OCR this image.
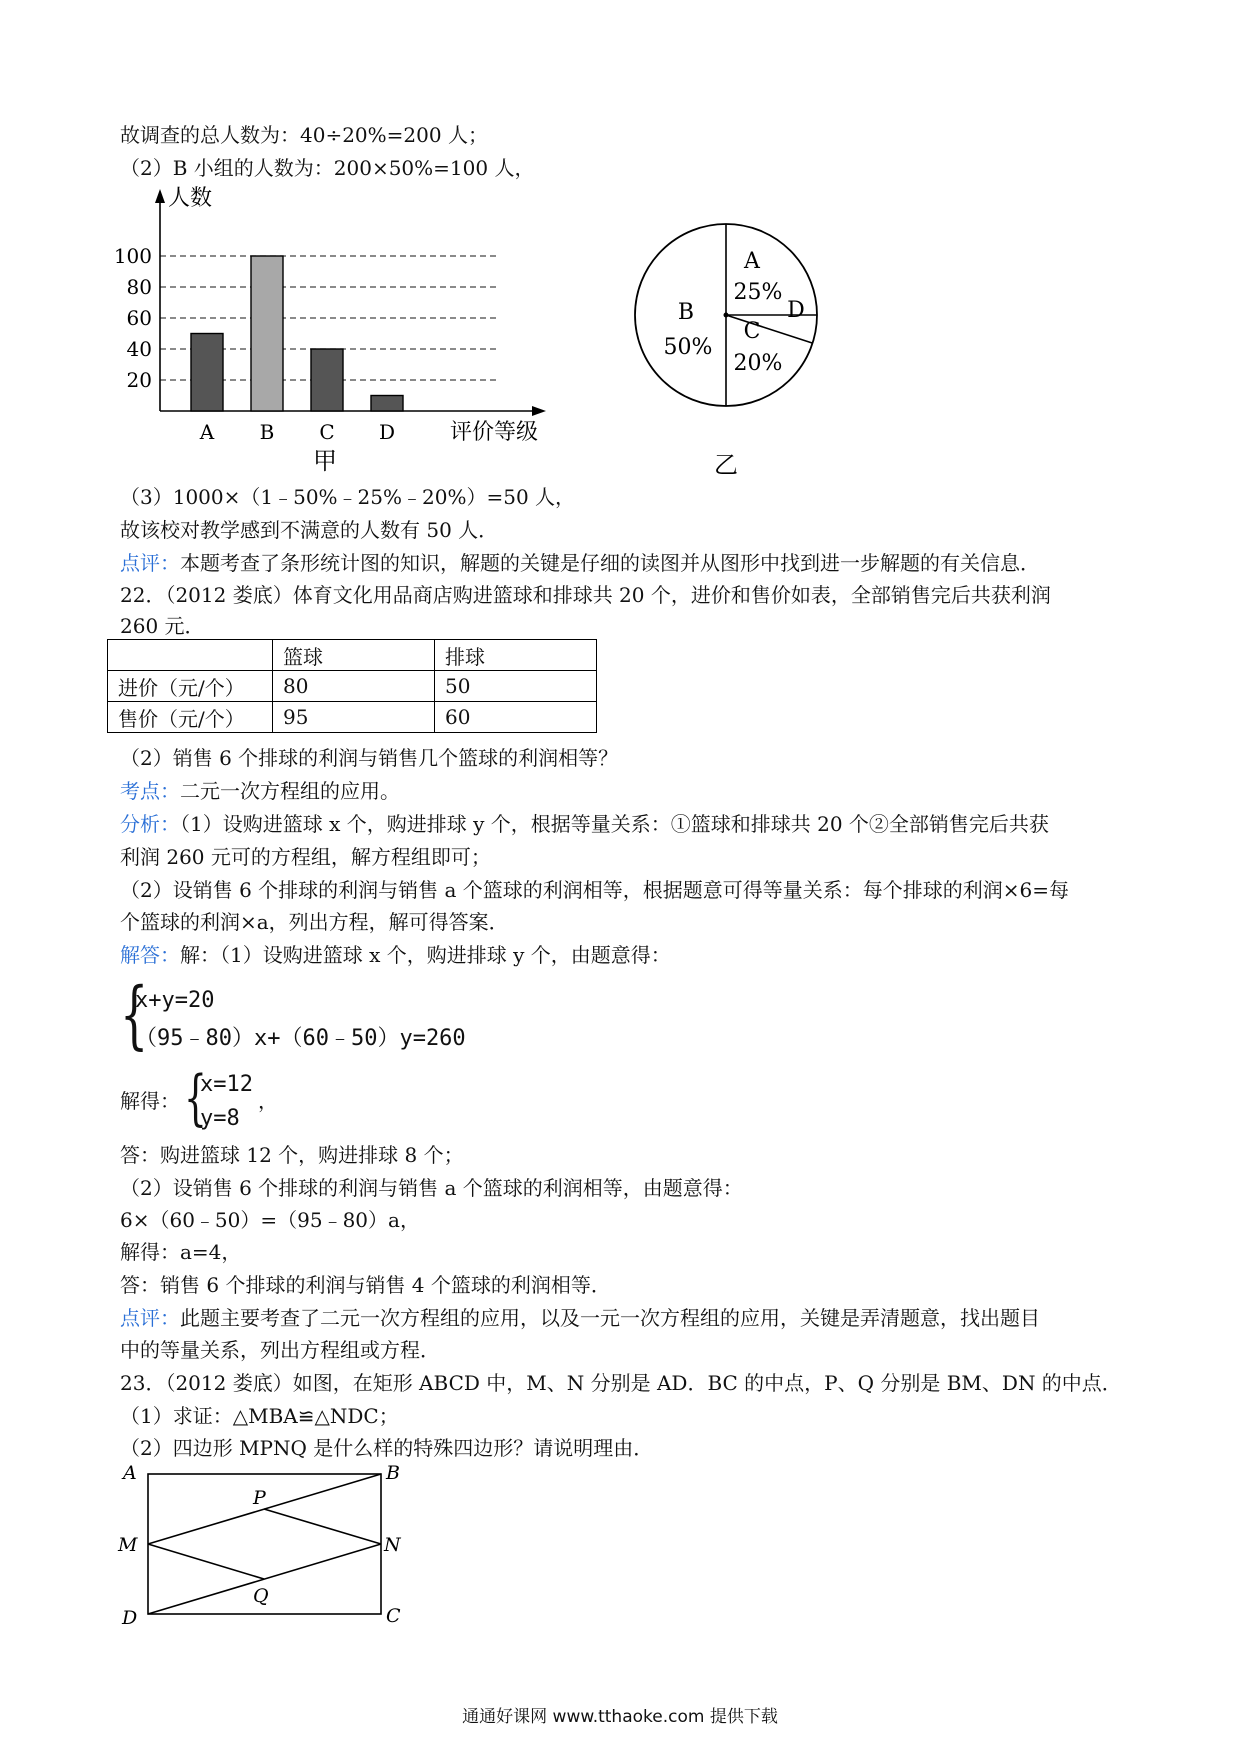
故调查的总人数为：40÷20%=200 人；
（2）B 小组的人数为：200×50%=100 人，
20
40
60
80
100
人数
评价等级
甲
A B C D
A
25%
B
50%
C
20%
D
乙
（3）1000×（1﹣50%﹣25%﹣20%）=50 人，
故该校对教学感到不满意的人数有 50 人．
点评：本题考查了条形统计图的知识，解题的关键是仔细的读图并从图形中找到进一步解题的有关信息．
22．（2012 娄底）体育文化用品商店购进篮球和排球共 20 个，进价和售价如表，全部销售完后共获利润
260 元．
	篮球	排球
进价（元/个）	80	50
售价（元/个）	95	60
（2）销售 6 个排球的利润与销售几个篮球的利润相等？
考点：二元一次方程组的应用。
分析：（1）设购进篮球 x 个，购进排球 y 个，根据等量关系：①篮球和排球共 20 个②全部销售完后共获
利润 260 元可的方程组，解方程组即可；
（2）设销售 6 个排球的利润与销售 a 个篮球的利润相等，根据题意可得等量关系：每个排球的利润×6=每
个篮球的利润×a，列出方程，解可得答案．
解答：解：（1）设购进篮球 x 个，购进排球 y 个，由题意得：
{
x+y=20
（95﹣80）x+（60﹣50）y=260
解得： {
x=12
y=8
，
答：购进篮球 12 个，购进排球 8 个；
（2）设销售 6 个排球的利润与销售 a 个篮球的利润相等，由题意得：
6×（60﹣50）=（95﹣80）a，
解得：a=4，
答：销售 6 个排球的利润与销售 4 个篮球的利润相等．
点评：此题主要考查了二元一次方程组的应用，以及一元一次方程组的应用，关键是弄清题意，找出题目
中的等量关系，列出方程组或方程．
23．（2012 娄底）如图，在矩形 ABCD 中，M、N 分别是 AD．BC 的中点，P、Q 分别是 BM、DN 的中点．
（1）求证：△MBA≌△NDC；
（2）四边形 MPNQ 是什么样的特殊四边形？请说明理由．
A	B
C
D
M	N
P
Q
通通好课网 www.tthaoke.com 提供下载
